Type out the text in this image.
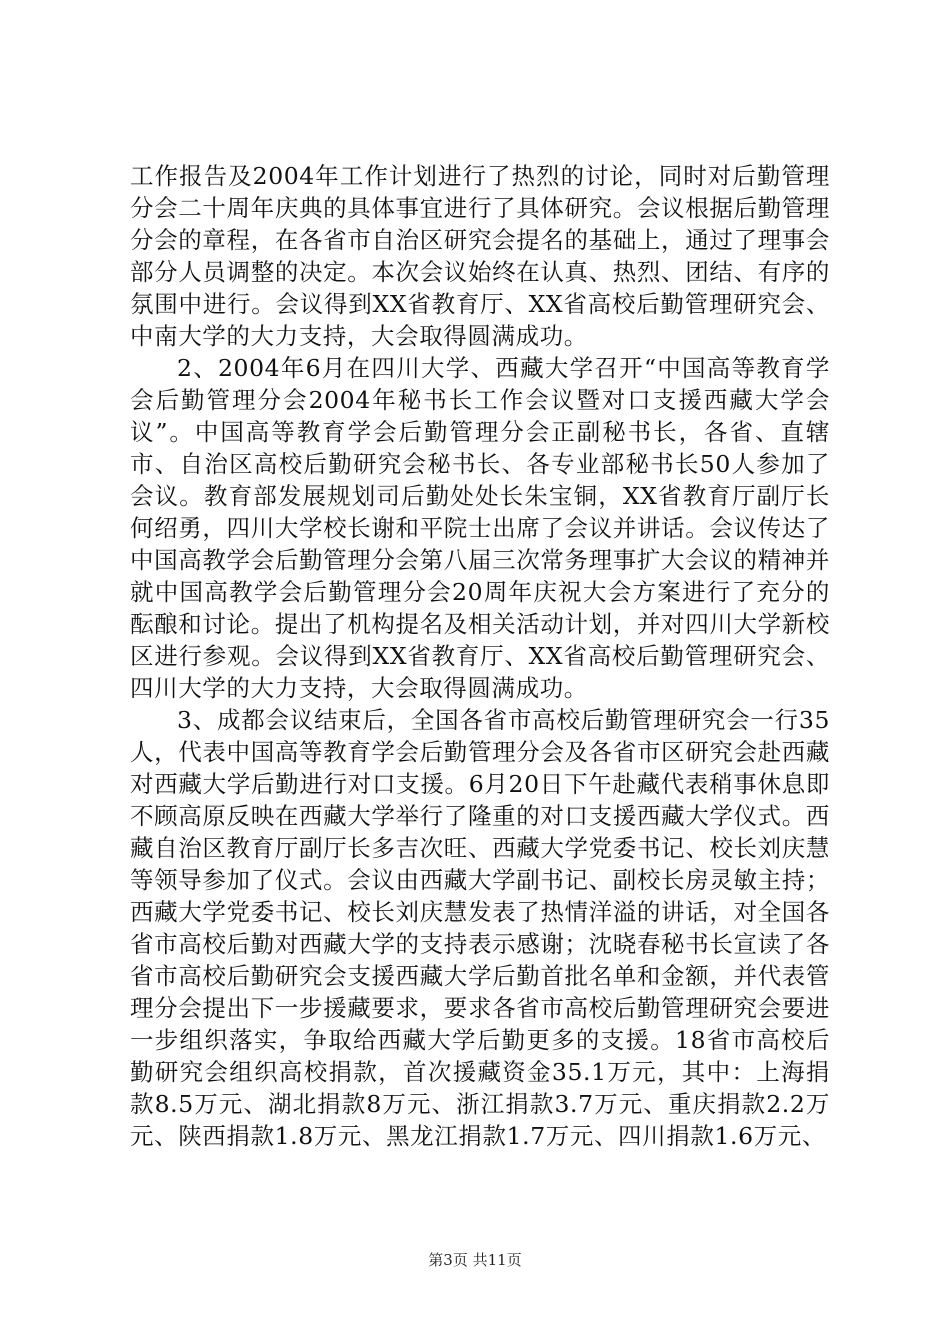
工作报告及2004年工作计划进行了热烈的讨论，同时对后勤管理分会二十周年庆典的具体事宜进行了具体研究。会议根据后勤管理分会的章程，在各省市自治区研究会提名的基础上，通过了理事会部分人员调整的决定。本次会议始终在认真、热烈、团结、有序的氛围中进行。会议得到XX省教育厅、XX省高校后勤管理研究会、中南大学的大力支持，大会取得圆满成功。

2、2004年6月在四川大学、西藏大学召开“中国高等教育学会后勤管理分会2004年秘书长工作会议暨对口支援西藏大学会议”。中国高等教育学会后勤管理分会正副秘书长，各省、直辖市、自治区高校后勤研究会秘书长、各专业部秘书长50人参加了会议。教育部发展规划司后勤处处长朱宝铜，XX省教育厅副厅长何绍勇，四川大学校长谢和平院士出席了会议并讲话。会议传达了中国高教学会后勤管理分会第八届三次常务理事扩大会议的精神并就中国高教学会后勤管理分会20周年庆祝大会方案进行了充分的酝酿和讨论。提出了机构提名及相关活动计划，并对四川大学新校区进行参观。会议得到XX省教育厅、XX省高校后勤管理研究会、四川大学的大力支持，大会取得圆满成功。

3、成都会议结束后，全国各省市高校后勤管理研究会一行35人，代表中国高等教育学会后勤管理分会及各省市区研究会赴西藏对西藏大学后勤进行对口支援。6月20日下午赴藏代表稍事休息即不顾高原反映在西藏大学举行了隆重的对口支援西藏大学仪式。西藏自治区教育厅副厅长多吉次旺、西藏大学党委书记、校长刘庆慧等领导参加了仪式。会议由西藏大学副书记、副校长房灵敏主持；西藏大学党委书记、校长刘庆慧发表了热情洋溢的讲话，对全国各省市高校后勤对西藏大学的支持表示感谢；沈晓春秘书长宣读了各省市高校后勤研究会支援西藏大学后勤首批名单和金额，并代表管理分会提出下一步援藏要求，要求各省市高校后勤管理研究会要进一步组织落实，争取给西藏大学后勤更多的支援。18省市高校后勤研究会组织高校捐款，首次援藏资金35.1万元，其中：上海捐款8.5万元、湖北捐款8万元、浙江捐款3.7万元、重庆捐款2.2万元、陕西捐款1.8万元、黑龙江捐款1.7万元、四川捐款1.6万元、

第3页 共11页
